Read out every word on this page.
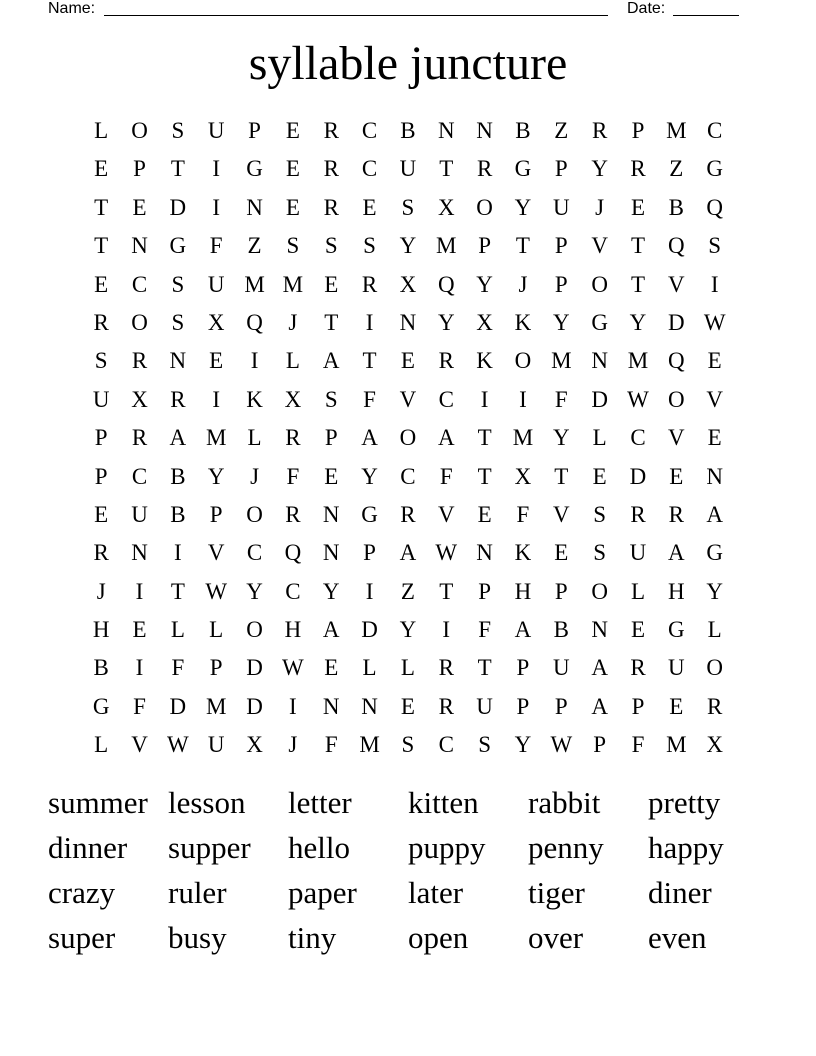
Name:	Date:
syllable juncture
L	O	S	U	P	E	R	C	B N N B	Z	R	P M C
E	P	T	I	G	E	R	C U	T	R G	P	Y R	Z	G
T	E	D	I	N	E	R	E	S	X O Y U	J	E	B Q
T	N G	F	Z	S	S	S	Y M P	T	P	V	T	Q	S
E	C	S	U M M E	R X Q Y	J	P	O	T	V	I
R O	S	X Q	J	T	I	N Y X K Y G Y D W
S	R N	E	I	L	A	T	E	R K O M N M Q	E
U X R	I	K X	S	F	V C	I	I	F	D W O V
P	R A M L	R	P	A O A	T M Y	L	C V	E
P	C	B Y	J	F	E	Y C	F	T	X	T	E	D	E	N
E	U B	P	O R N G R V	E	F	V	S	R	R A
R N	I	V C Q N	P	A W N K	E	S	U A G
J	I	T W Y C Y	I	Z	T	P	H	P	O	L	H Y
H	E	L	L	O H A D Y	I	F	A B N	E	G	L
B	I	F	P	D W E	L	L	R	T	P	U A R U O
G	F	D M D	I	N N	E	R U	P	P	A	P	E	R
L	V W U X	J	F M S	C	S	Y W P	F M X
summer lesson	letter	kitten	rabbit	pretty
dinner	supper	hello	puppy	penny	happy
crazy	ruler	paper	later	tiger	diner
super	busy	tiny	open	over	even
